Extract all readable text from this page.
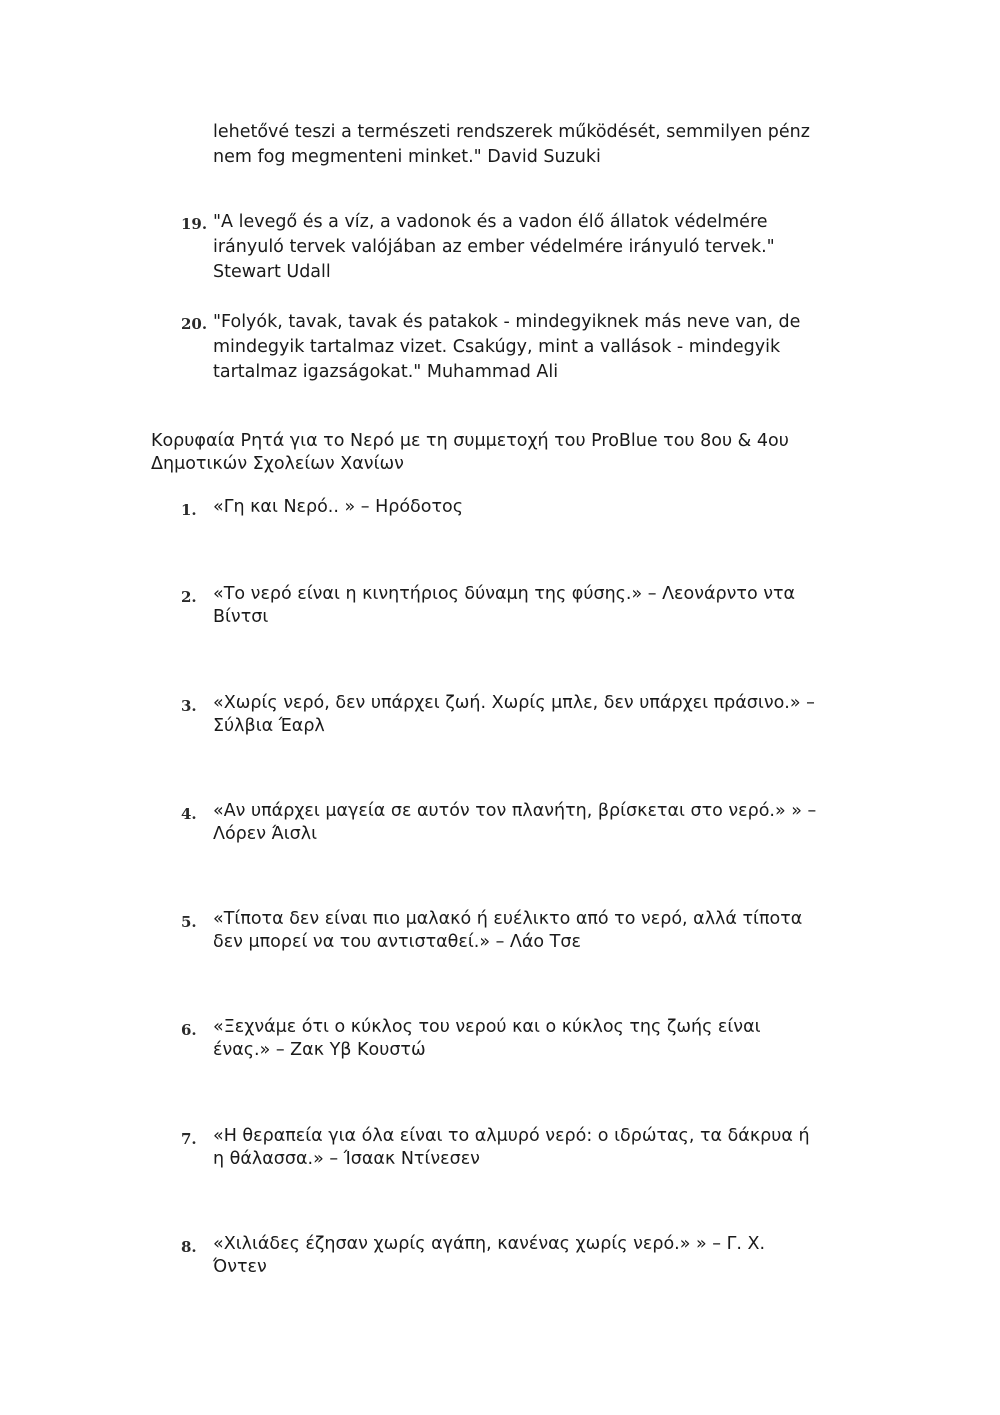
lehetővé teszi a természeti rendszerek működését, semmilyen pénz
nem fog megmenteni minket." David Suzuki
19. "A levegő és a víz, a vadonok és a vadon élő állatok védelmére
irányuló tervek valójában az ember védelmére irányuló tervek."
Stewart Udall
20. "Folyók, tavak, tavak és patakok - mindegyiknek más neve van, de
mindegyik tartalmaz vizet. Csakúgy, mint a vallások - mindegyik
tartalmaz igazságokat." Muhammad Ali
Κορυφαία Ρητά για το Νερό με τη συμμετοχή του ProBlue του 8ου & 4ου
Δημοτικών Σχολείων Χανίων
1. «Γη και Νερό.. » – Ηρόδοτος
2. «Το νερό είναι η κινητήριος δύναμη της φύσης.» – Λεονάρντο ντα
Βίντσι
3. «Χωρίς νερό, δεν υπάρχει ζωή. Χωρίς μπλε, δεν υπάρχει πράσινο.» –
Σύλβια Έαρλ
4. «Αν υπάρχει μαγεία σε αυτόν τον πλανήτη, βρίσκεται στο νερό.» » –
Λόρεν Άισλι
5. «Τίποτα δεν είναι πιο μαλακό ή ευέλικτο από το νερό, αλλά τίποτα
δεν μπορεί να του αντισταθεί.» – Λάο Τσε
6. «Ξεχνάμε ότι ο κύκλος του νερού και ο κύκλος της ζωής είναι
ένας.» – Ζακ Υβ Κουστώ
7. «Η θεραπεία για όλα είναι το αλμυρό νερό: ο ιδρώτας, τα δάκρυα ή
η θάλασσα.» – Ίσαακ Ντίνεσεν
8. «Χιλιάδες έζησαν χωρίς αγάπη, κανένας χωρίς νερό.» » – Γ. Χ.
Όντεν
